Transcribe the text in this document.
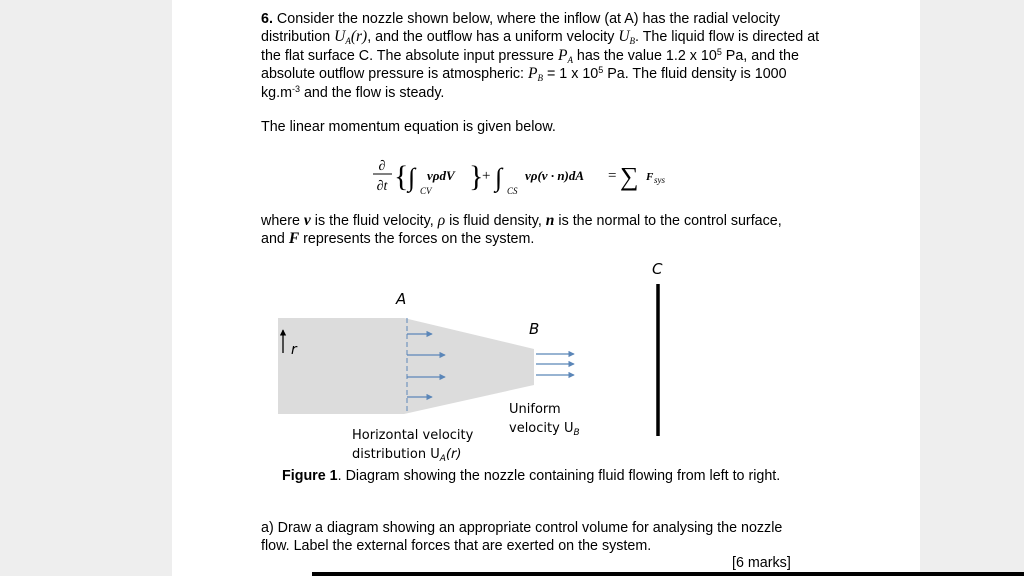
6. Consider the nozzle shown below, where the inflow (at A) has the radial velocity distribution $U_A(r)$, and the outflow has a uniform velocity $U_B$. The liquid flow is directed at the flat surface C. The absolute input pressure $P_A$ has the value 1.2 x $10^5$ Pa, and the absolute outflow pressure is atmospheric: $P_B = 1$ x $10^5$ Pa. The fluid density is 1000 $kg.m^{-3}$ and the flow is steady.

The linear momentum equation is given below.

∂
∂t { ∫ CV
vρdV }
+ ∫ CS
vρ(v · n)dA = ∑ F sys

where v is the fluid velocity, ρ is fluid density, n is the normal to the control surface, and F represents the forces on the system.

A
B
C
r
Uniform
velocity $U_B$
Horizontal velocity
distribution $U_A(r)$

Figure 1. Diagram showing the nozzle containing fluid flowing from left to right.

a) Draw a diagram showing an appropriate control volume for analysing the nozzle flow. Label the external forces that are exerted on the system.

[6 marks]
